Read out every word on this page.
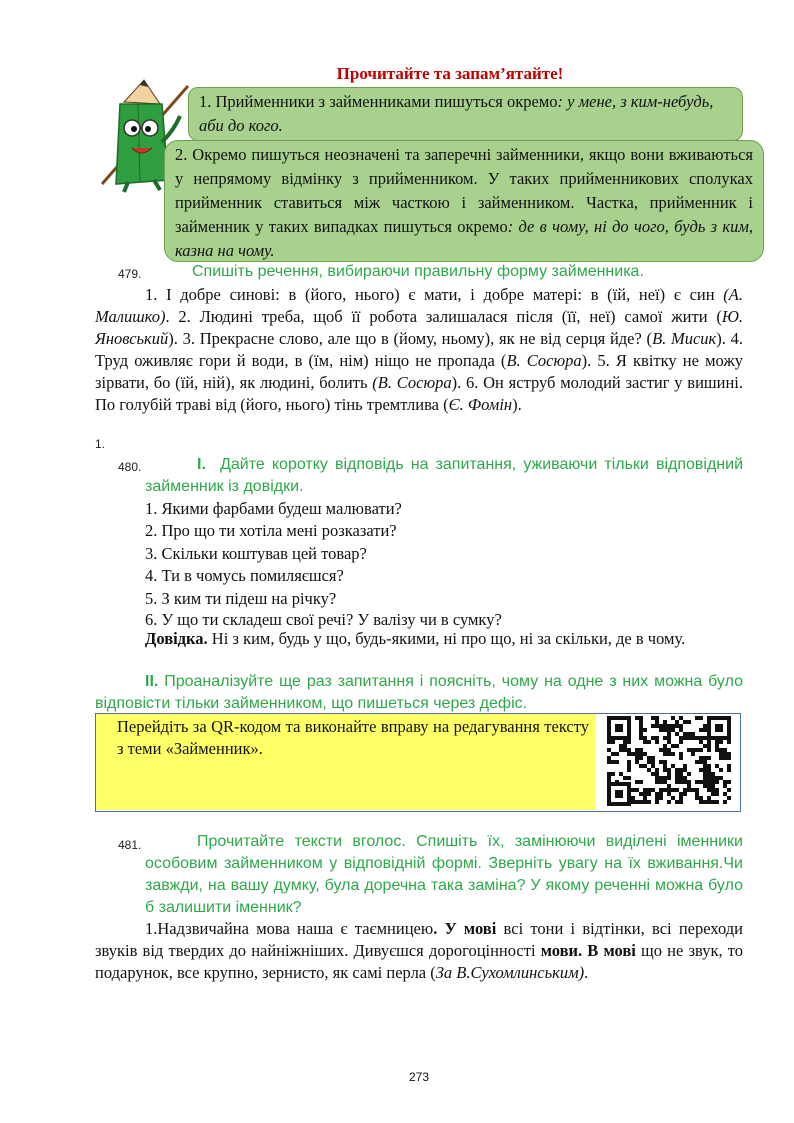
Прочитайте та запам’ятайте!

1. Прийменники з займенниками пишуться окремо: у мене, з ким-небудь, аби до кого.

2. Окремо пишуться неозначені та заперечні займенники, якщо вони вживаються у непрямому відмінку з прийменником. У таких прийменникових сполуках прийменник ставиться між часткою і займенником. Частка, прийменник і займенник у таких випадках пишуться окремо: де в чому, ні до чого, будь з ким, казна на чому.

479.	Спишіть речення, вибираючи правильну форму займенника.

1. І добре синові: в (його, нього) є мати, і добре матері: в (їй, неї) є син (А. Малишко). 2. Людині треба, щоб її робота залишалася після (її, неї) самої жити (Ю. Яновський). 3. Прекрасне слово, але що в (йому, ньому), як не від серця йде? (В. Мисик). 4. Труд оживляє гори й води, в (їм, нім) ніщо не пропада (В. Сосюра). 5. Я квітку не можу зірвати, бо (їй, ній), як людині, болить (В. Сосюра). 6. Он яструб молодий застиг у вишині. По голубій траві від (його, нього) тінь тремтлива (Є. Фомін).

1.
480.	I. Дайте коротку відповідь на запитання, уживаючи тільки відповідний займенник із довідки.
1. Якими фарбами будеш малювати?
2. Про що ти хотіла мені розказати?
3. Скільки коштував цей товар?
4. Ти в чомусь помиляєшся?
5. З ким ти підеш на річку?
6. У що ти складеш свої речі? У валізу чи в сумку?

Довідка. Ні з ким, будь у що, будь-якими, ні про що, ні за скільки, де в чому.

II. Проаналізуйте ще раз запитання і поясніть, чому на одне з них можна було відповісти тільки займенником, що пишеться через дефіс.
Перейдіть за QR-кодом та виконайте вправу на редагування тексту з теми «Займенник».
481.	Прочитайте тексти вголос. Спишіть їх, замінюючи виділені іменники особовим займенником у відповідній формі. Зверніть увагу на їх вживання.Чи завжди, на вашу думку, була доречна така заміна? У якому реченні можна було б залишити іменник?

1.Надзвичайна мова наша є таємницею. У мові всі тони і відтінки, всі переходи звуків від твердих до найніжніших. Дивуєшся дорогоцінності мови. В мові що не звук, то подарунок, все крупно, зернисто, як самі перла (За В.Сухомлинським).

273
